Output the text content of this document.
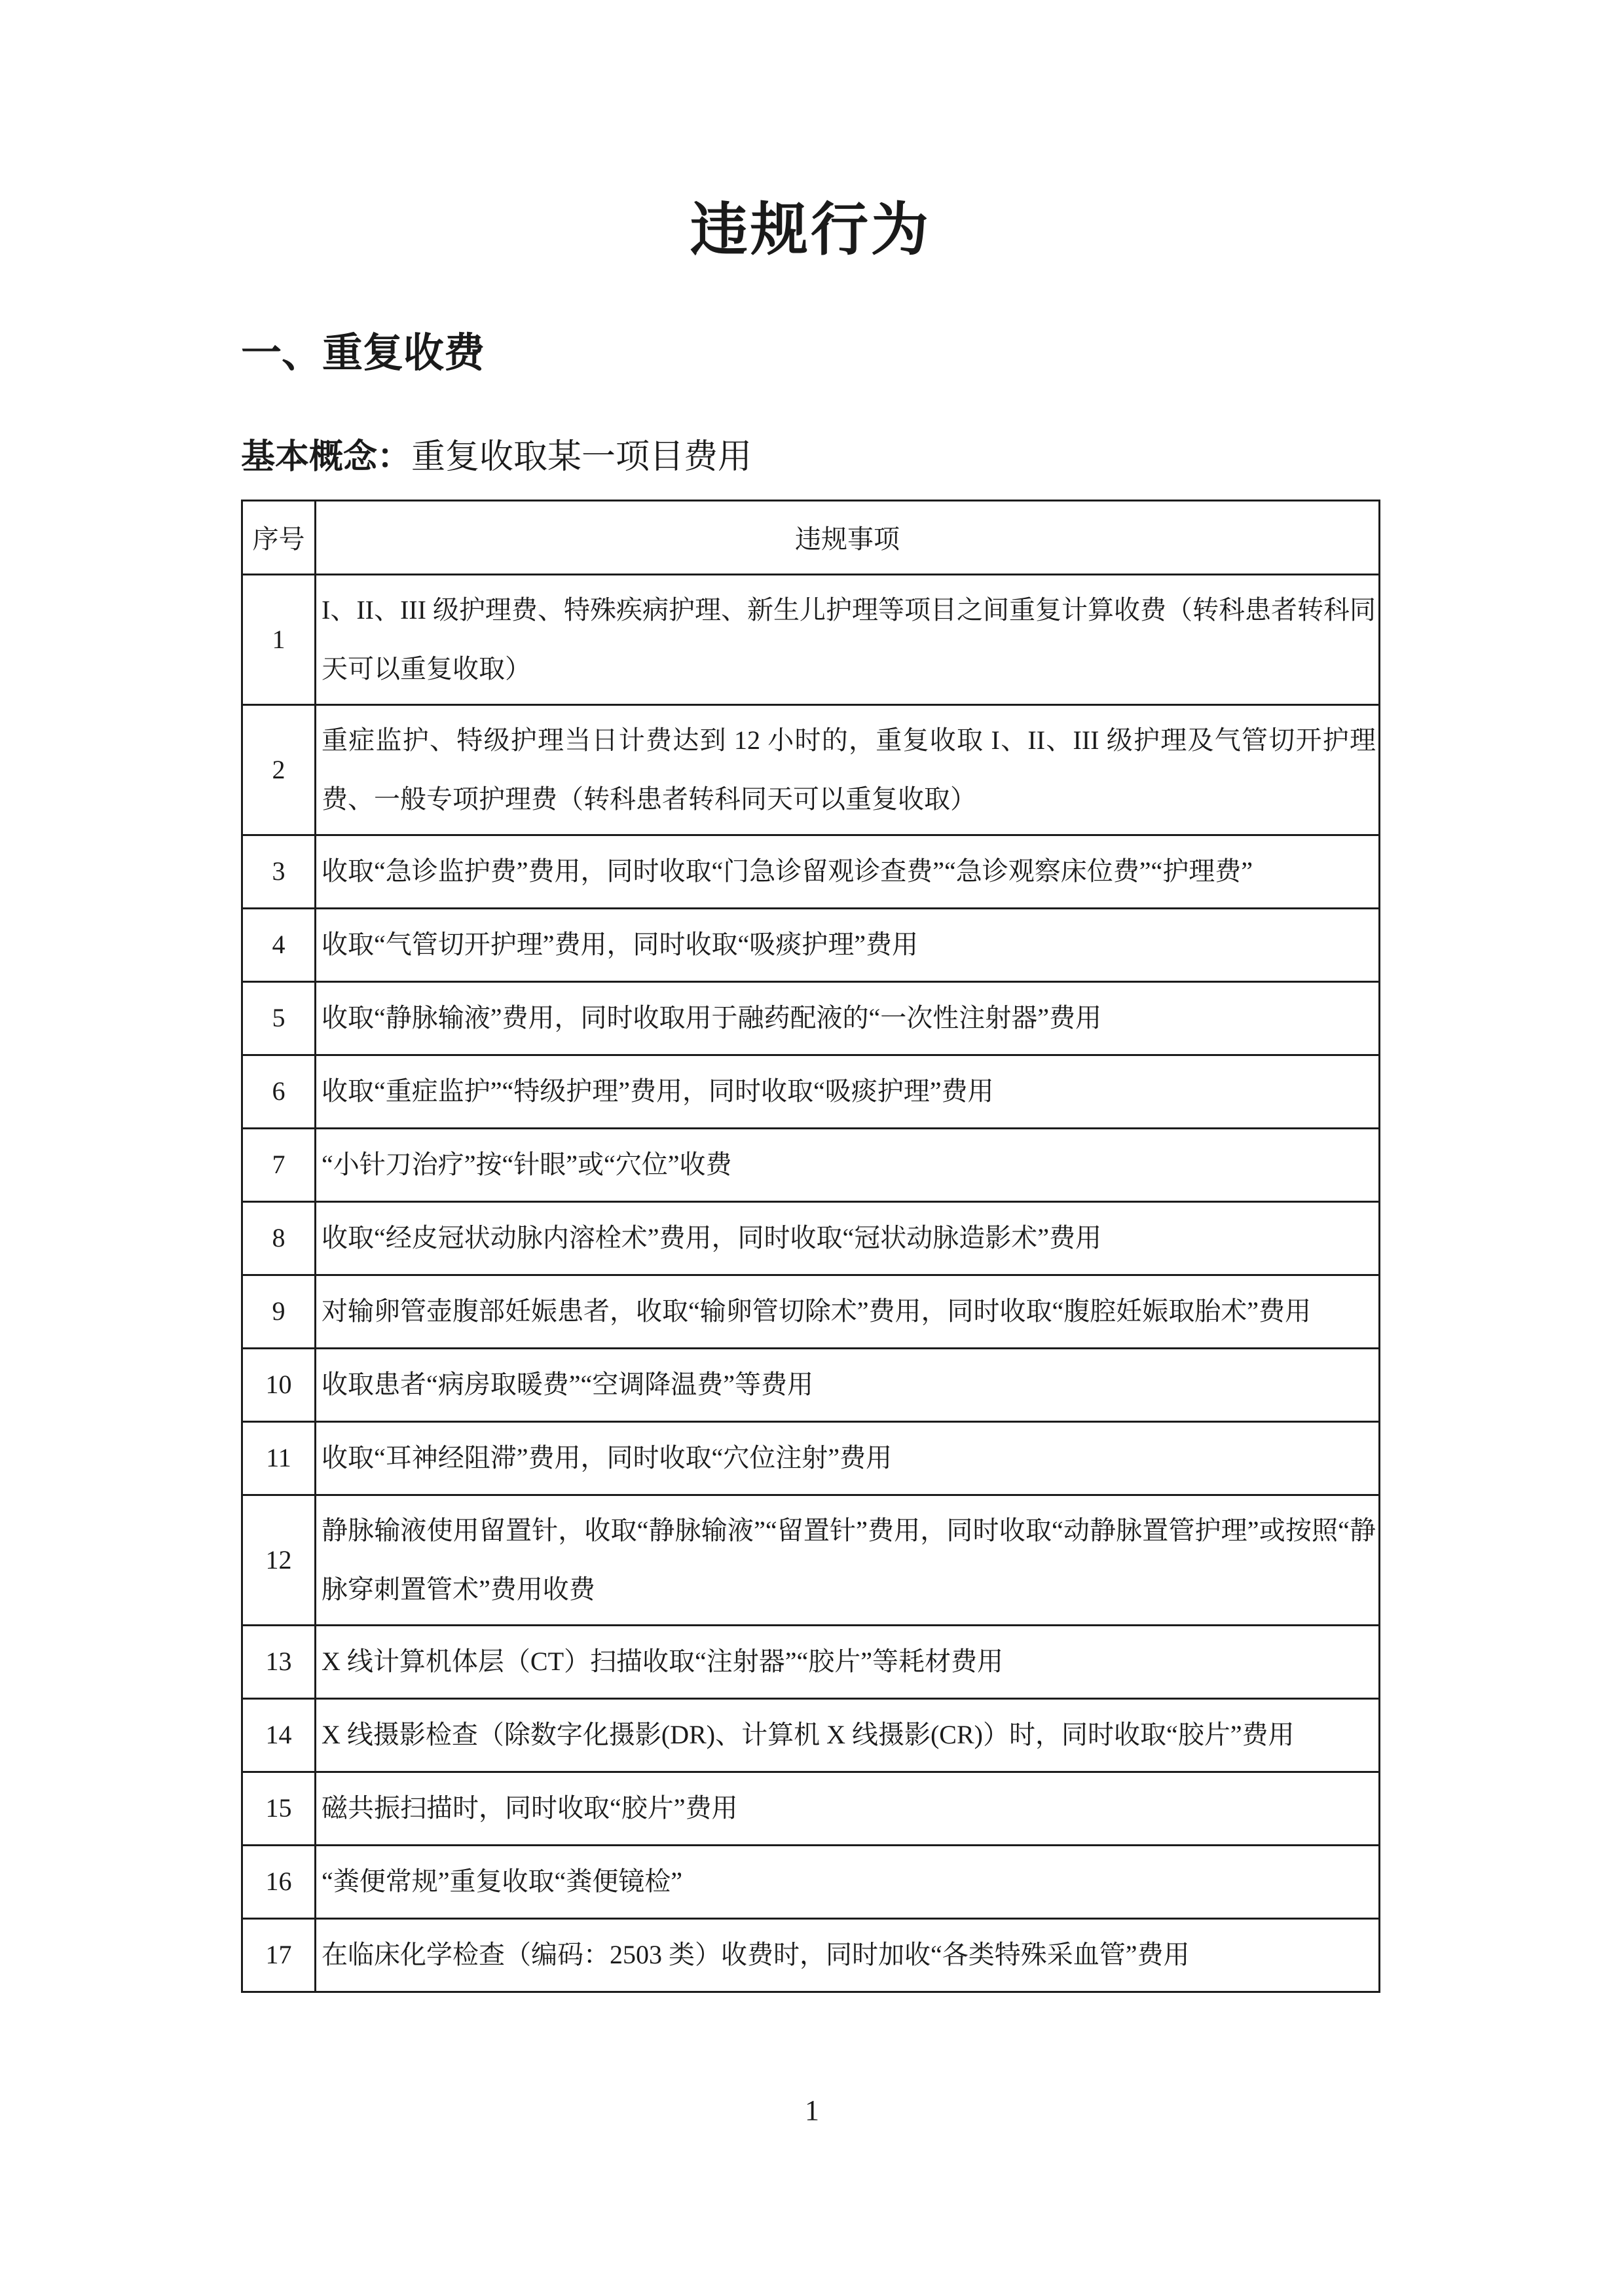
违规行为
一、重复收费

基本概念：重复收取某一项目费用

序号	违规事项
1	I、II、III 级护理费、特殊疾病护理、新生儿护理等项目之间重复计算收费（转科患者转科同天可以重复收取）
2	重症监护、特级护理当日计费达到 12 小时的，重复收取 I、II、III 级护理及气管切开护理费、一般专项护理费（转科患者转科同天可以重复收取）
3	收取“急诊监护费”费用，同时收取“门急诊留观诊查费”“急诊观察床位费”“护理费”
4	收取“气管切开护理”费用，同时收取“吸痰护理”费用
5	收取“静脉输液”费用，同时收取用于融药配液的“一次性注射器”费用
6	收取“重症监护”“特级护理”费用，同时收取“吸痰护理”费用
7	“小针刀治疗”按“针眼”或“穴位”收费
8	收取“经皮冠状动脉内溶栓术”费用，同时收取“冠状动脉造影术”费用
9	对输卵管壶腹部妊娠患者，收取“输卵管切除术”费用，同时收取“腹腔妊娠取胎术”费用
10	收取患者“病房取暖费”“空调降温费”等费用
11	收取“耳神经阻滞”费用，同时收取“穴位注射”费用
12	静脉输液使用留置针，收取“静脉输液”“留置针”费用，同时收取“动静脉置管护理”或按照“静脉穿刺置管术”费用收费
13	X 线计算机体层（CT）扫描收取“注射器”“胶片”等耗材费用
14	X 线摄影检查（除数字化摄影(DR)、计算机 X 线摄影(CR)）时，同时收取“胶片”费用
15	磁共振扫描时，同时收取“胶片”费用
16	“粪便常规”重复收取“粪便镜检”
17	在临床化学检查（编码：2503 类）收费时，同时加收“各类特殊采血管”费用
1
